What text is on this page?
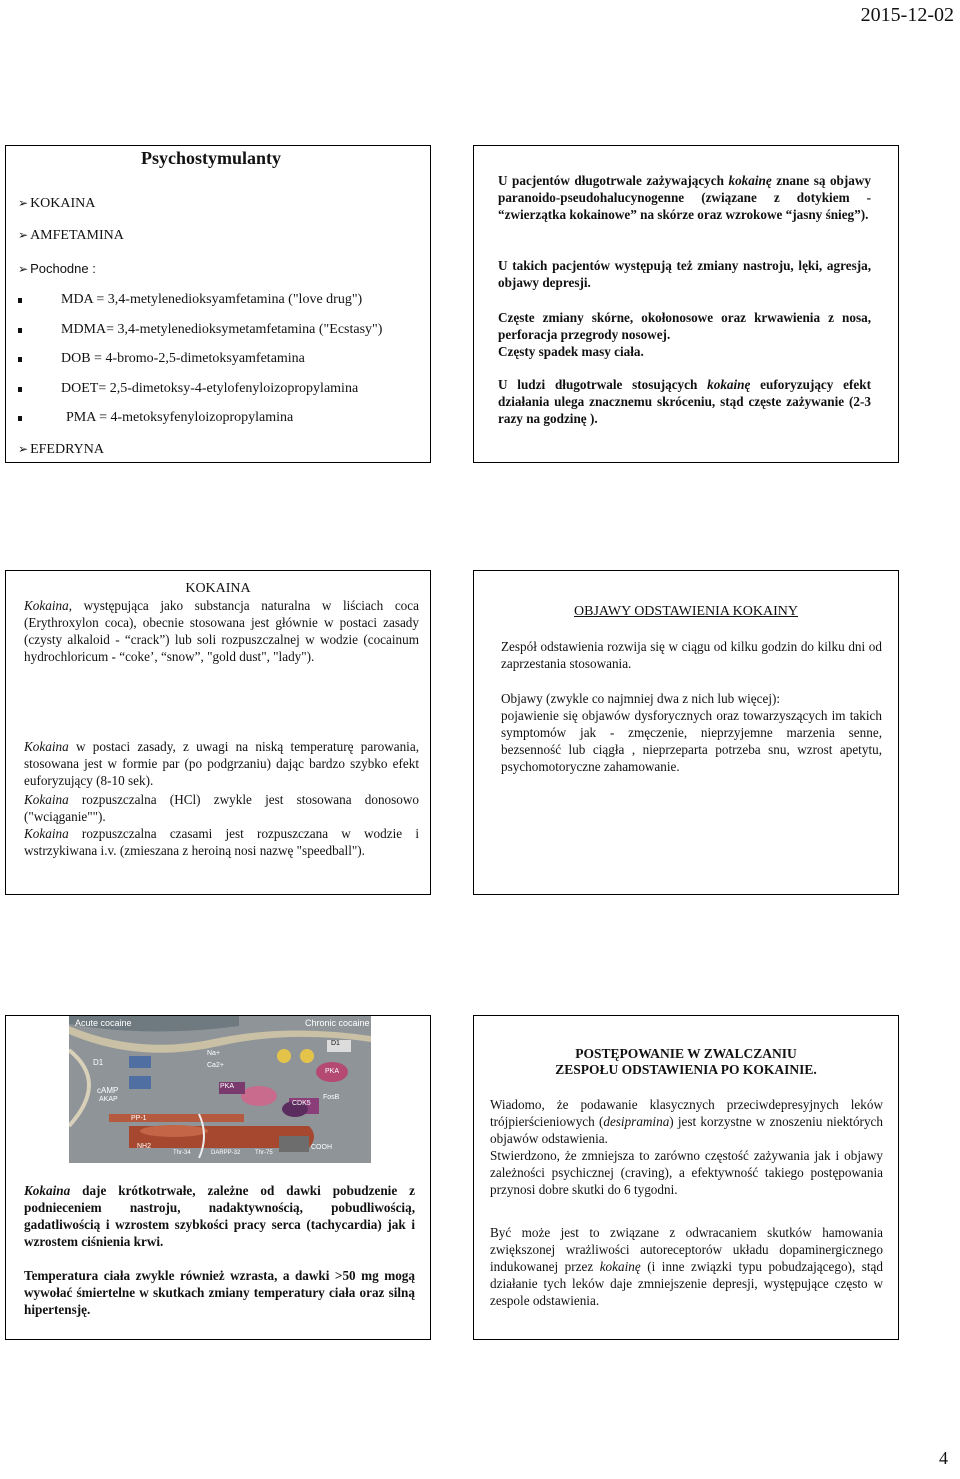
2015-12-02
Psychostymulanty
➢ KOKAINA
➢ AMFETAMINA
➢ Pochodne :
MDA = 3,4-metylenedioksyamfetamina ("love drug")
MDMA= 3,4-metylenedioksymetamfetamina ("Ecstasy")
DOB = 4-bromo-2,5-dimetoksyamfetamina
DOET= 2,5-dimetoksy-4-etylofenyloizopropylamina
PMA = 4-metoksyfenyloizopropylamina
➢ EFEDRYNA
U pacjentów długotrwale zażywających kokainę znane są objawy paranoido-pseudohalucynogenne (związane z dotykiem - “zwierzątka kokainowe” na skórze oraz wzrokowe “jasny śnieg”).
U takich pacjentów występują też zmiany nastroju, lęki, agresja, objawy depresji.
Częste zmiany skórne, okołonosowe oraz krwawienia z nosa, perforacja przegrody nosowej.
Częsty spadek masy ciała.
U ludzi długotrwale stosujących kokainę euforyzujący efekt działania ulega znacznemu skróceniu, stąd częste zażywanie (2-3 razy na godzinę ).
KOKAINA
Kokaina, występująca jako substancja naturalna w liściach coca (Erythroxylon coca), obecnie stosowana jest głównie w postaci zasady (czysty alkaloid - “crack”) lub soli rozpuszczalnej w wodzie (cocainum hydrochloricum - “coke’, “snow”, "gold dust", "lady").
Kokaina w postaci zasady, z uwagi na niską temperaturę parowania, stosowana jest w formie par (po podgrzaniu) dając bardzo szybko efekt euforyzujący (8-10 sek).
Kokaina rozpuszczalna (HCl) zwykle jest stosowana donosowo ("wciąganie"").
Kokaina rozpuszczalna czasami jest rozpuszczana w wodzie i wstrzykiwana i.v. (zmieszana z heroiną nosi nazwę "speedball").
OBJAWY ODSTAWIENIA KOKAINY
Zespół odstawienia rozwija się w ciągu od kilku godzin do kilku dni od zaprzestania stosowania.
Objawy (zwykle co najmniej dwa z nich lub więcej):
pojawienie się objawów dysforycznych oraz towarzyszących im takich symptomów jak - zmęczenie, nieprzyjemne marzenia senne, bezsenność lub ciągła , nieprzeparta potrzeba snu, wzrost apetytu, psychomotoryczne zahamowanie.
Acute cocaine	Chronic cocaine
D1
Na+
Ca2+
PKA
cAMP
PP-1
AKAP
PKA
FosB
CDK5
NH2
Thr-34	DARPP-32 Thr-75
COOH
D1
Kokaina daje krótkotrwałe, zależne od dawki pobudzenie z podnieceniem nastroju, nadaktywnością, pobudliwością, gadatliwością i wzrostem szybkości pracy serca (tachycardia) jak i wzrostem ciśnienia krwi.
Temperatura ciała zwykle również wzrasta, a dawki >50 mg mogą wywołać śmiertelne w skutkach zmiany temperatury ciała oraz silną hipertensję.
POSTĘPOWANIE W ZWALCZANIU
ZESPOŁU ODSTAWIENIA PO KOKAINIE.
Wiadomo, że podawanie klasycznych przeciwdepresyjnych leków trójpierścieniowych (desipramina) jest korzystne w znoszeniu niektórych objawów odstawienia.
Stwierdzono, że zmniejsza to zarówno częstość zażywania jak i objawy zależności psychicznej (craving), a efektywność takiego postępowania przynosi dobre skutki do 6 tygodni.
Być może jest to związane z odwracaniem skutków hamowania zwiększonej wrażliwości autoreceptorów układu dopaminergicznego indukowanej przez kokainę (i inne związki typu pobudzającego), stąd działanie tych leków daje zmniejszenie depresji, występujące często w zespole odstawienia.
4
